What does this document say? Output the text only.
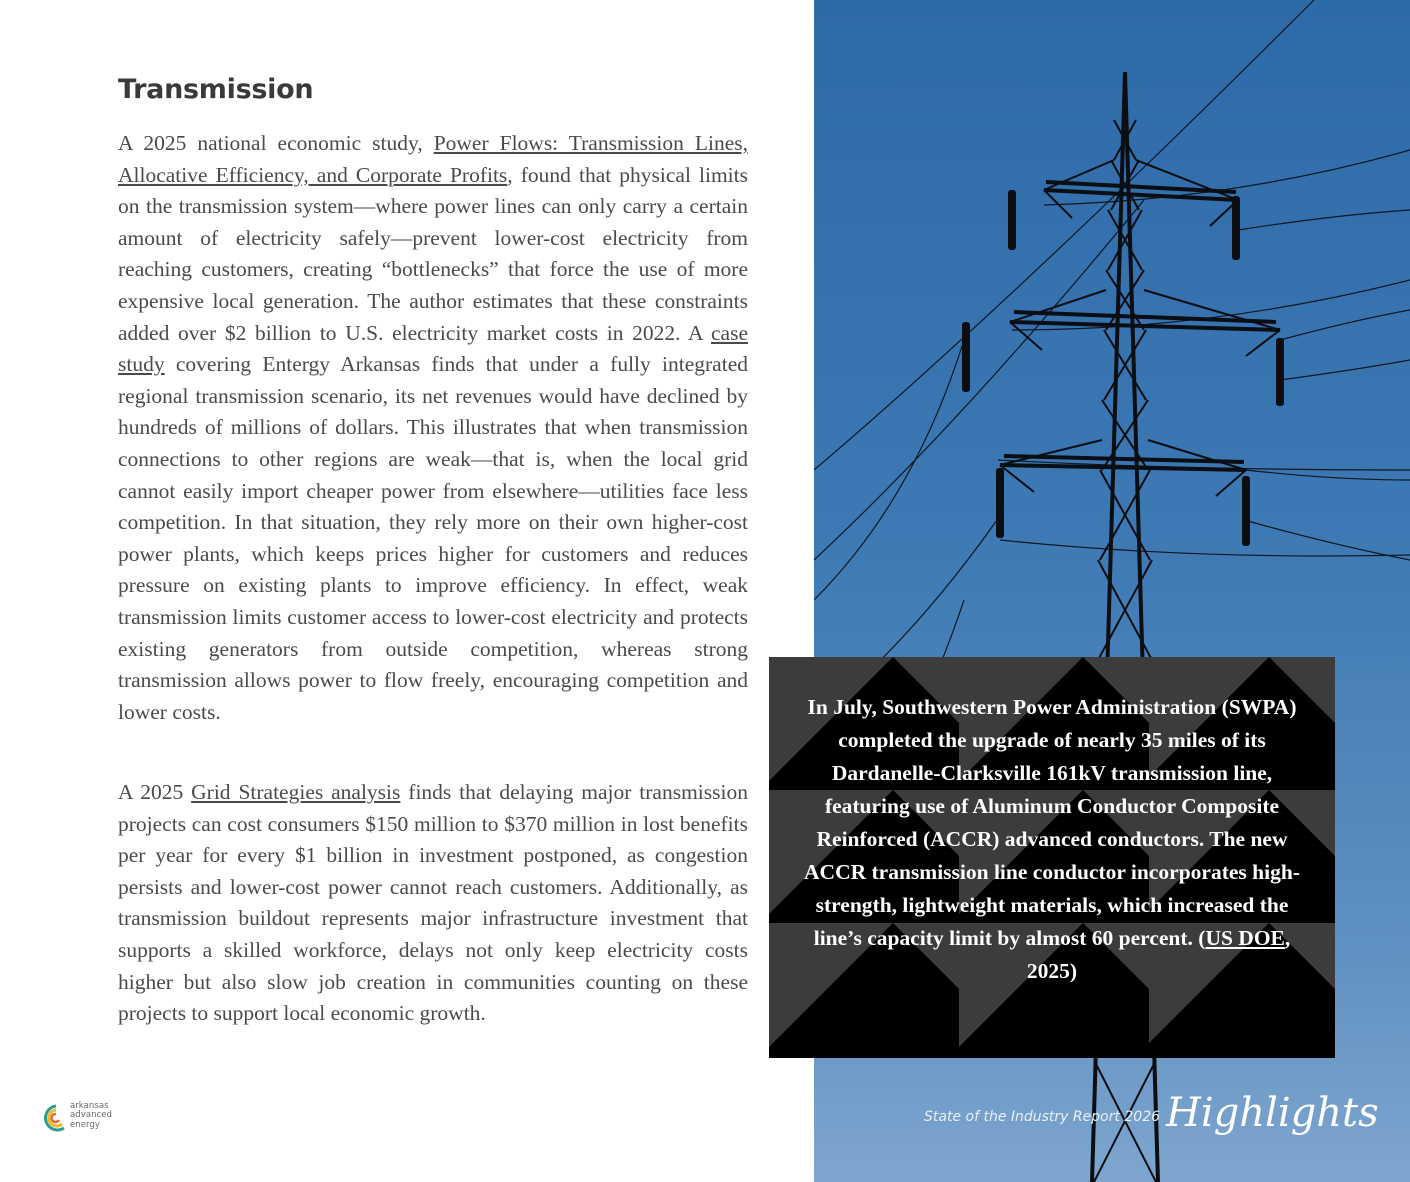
Transmission

A 2025 national economic study, Power Flows: Transmission Lines, Allocative Efficiency, and Corporate Profits, found that physical limits on the transmission system—where power lines can only carry a certain amount of electricity safely—prevent lower-cost electricity from reaching customers, creating “bottlenecks” that force the use of more expensive local generation. The author estimates that these constraints added over $2 billion to U.S. electricity market costs in 2022. A case study covering Entergy Arkansas finds that under a fully integrated regional transmission scenario, its net revenues would have declined by hundreds of millions of dollars. This illustrates that when transmission connections to other regions are weak—that is, when the local grid cannot easily import cheaper power from elsewhere—utilities face less competition. In that situation, they rely more on their own higher-cost power plants, which keeps prices higher for customers and reduces pressure on existing plants to improve efficiency. In effect, weak transmission limits customer access to lower-cost electricity and protects existing generators from outside competition, whereas strong transmission allows power to flow freely, encouraging competition and lower costs.

A 2025 Grid Strategies analysis finds that delaying major transmission projects can cost consumers $150 million to $370 million in lost benefits per year for every $1 billion in investment postponed, as congestion persists and lower-cost power cannot reach customers. Additionally, as transmission buildout represents major infrastructure investment that supports a skilled workforce, delays not only keep electricity costs higher but also slow job creation in communities counting on these projects to support local economic growth.

arkansas
advanced
energy

In July, Southwestern Power Administration (SWPA) completed the upgrade of nearly 35 miles of its Dardanelle-Clarksville 161kV transmission line, featuring use of Aluminum Conductor Composite Reinforced (ACCR) advanced conductors. The new ACCR transmission line conductor incorporates high-strength, lightweight materials, which increased the line’s capacity limit by almost 60 percent. (US DOE, 2025)

State of the Industry Report 2026 Highlights
